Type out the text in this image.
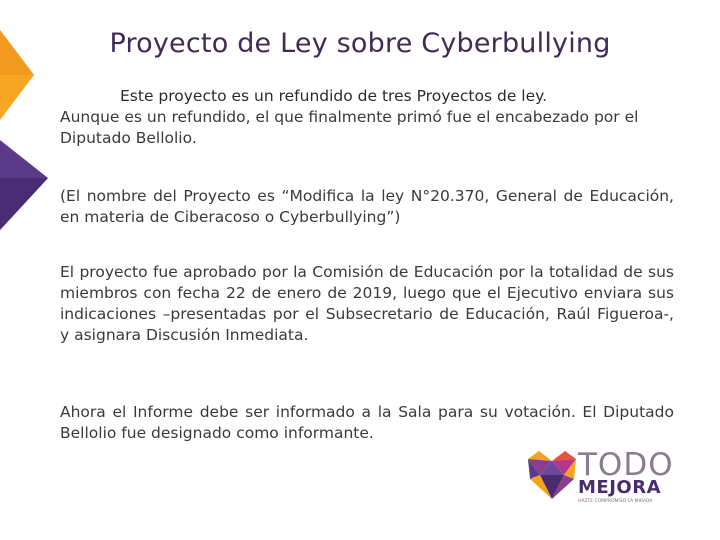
Proyecto de Ley sobre Cyberbullying
Este proyecto es un refundido de tres Proyectos de ley.
Aunque es un refundido, el que finalmente primó fue el encabezado por el Diputado Bellolio.
(El nombre del Proyecto es “Modifica la ley N°20.370, General de Educación, en materia de Ciberacoso o Cyberbullying”)
El proyecto fue aprobado por la Comisión de Educación por la totalidad de sus miembros con fecha 22 de enero de 2019, luego que el Ejecutivo enviara sus indicaciones –presentadas por el Subsecretario de Educación, Raúl Figueroa-, y asignara Discusión Inmediata.
Ahora el Informe debe ser informado a la Sala para su votación. El Diputado Bellolio fue designado como informante.
TODO
MEJORA
HAZTE COMPROMISO LA MIRADA
